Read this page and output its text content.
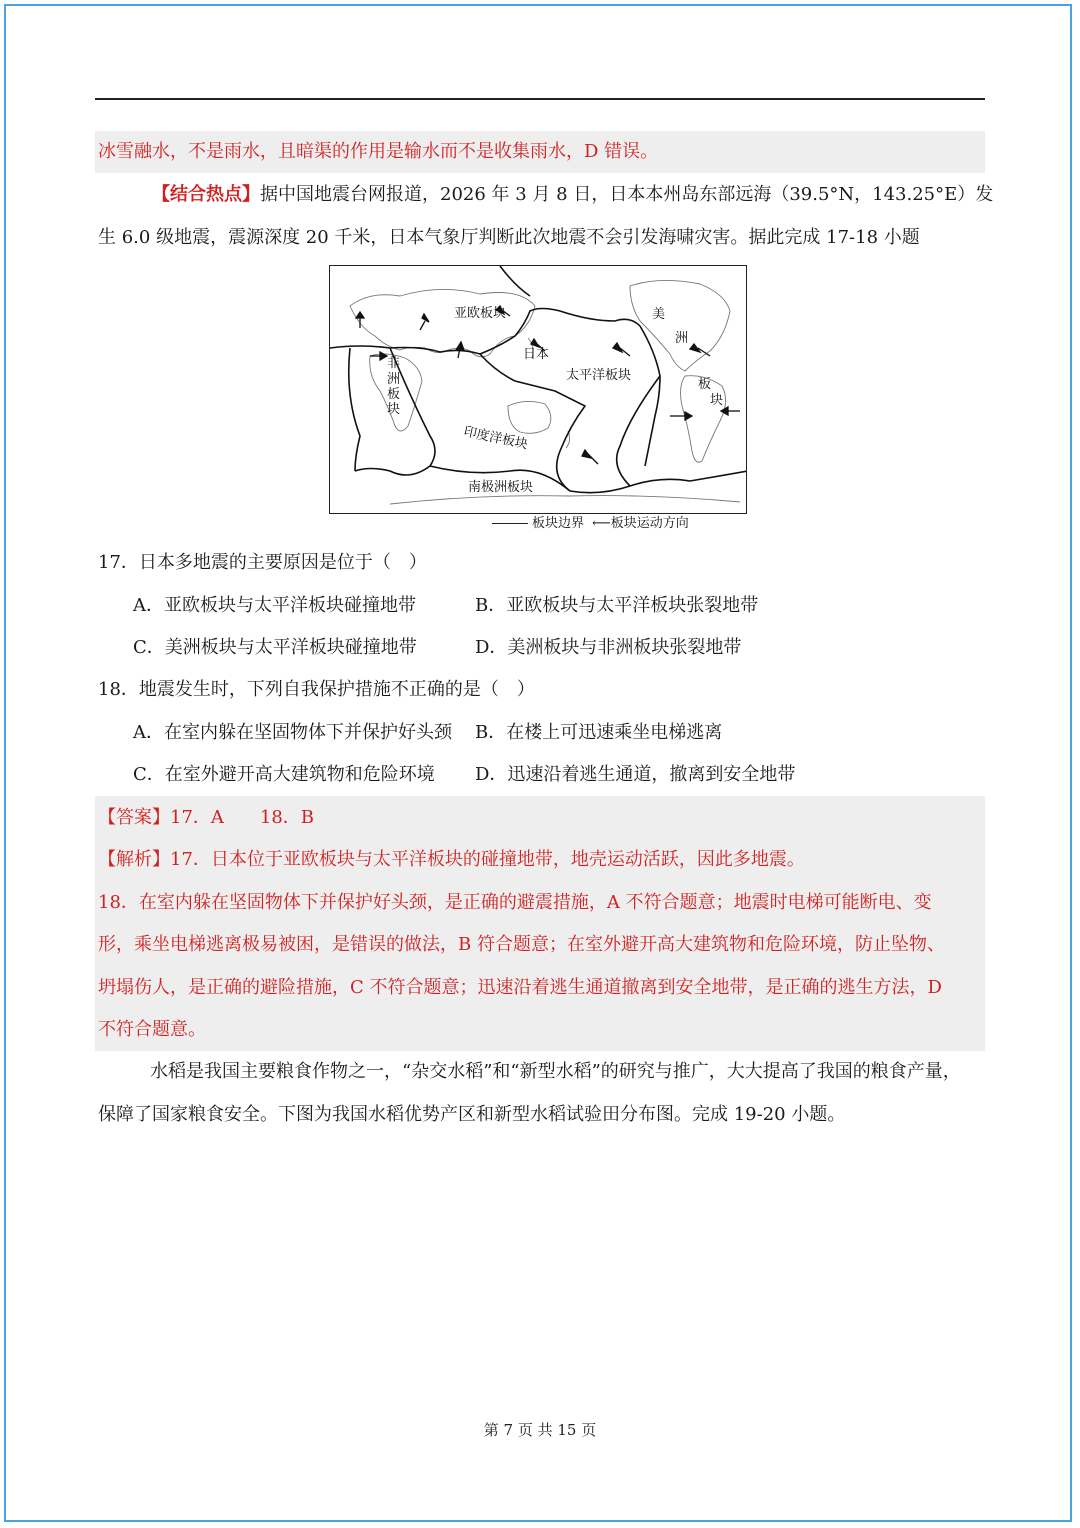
冰雪融水，不是雨水，且暗渠的作用是输水而不是收集雨水，D 错误。
【结合热点】据中国地震台网报道，2026 年 3 月 8 日，日本本州岛东部远海（39.5°N，143.25°E）发
生 6.0 级地震，震源深度 20 千米，日本气象厅判断此次地震不会引发海啸灾害。据此完成 17-18 小题
亚欧板块
日本
太平洋板块
印度洋板块
南极洲板块
非
洲
板
块
美
洲
板
块
板块边界 ⟵板块运动方向
17．日本多地震的主要原因是位于（　）
A．亚欧板块与太平洋板块碰撞地带	B．亚欧板块与太平洋板块张裂地带
C．美洲板块与太平洋板块碰撞地带	D．美洲板块与非洲板块张裂地带
18．地震发生时，下列自我保护措施不正确的是（　）
A．在室内躲在坚固物体下并保护好头颈 B．在楼上可迅速乘坐电梯逃离
C．在室外避开高大建筑物和危险环境 D．迅速沿着逃生通道，撤离到安全地带
【答案】17．A　　18．B
【解析】17．日本位于亚欧板块与太平洋板块的碰撞地带，地壳运动活跃，因此多地震。
18．在室内躲在坚固物体下并保护好头颈，是正确的避震措施，A 不符合题意；地震时电梯可能断电、变
形，乘坐电梯逃离极易被困，是错误的做法，B 符合题意；在室外避开高大建筑物和危险环境，防止坠物、
坍塌伤人，是正确的避险措施，C 不符合题意；迅速沿着逃生通道撤离到安全地带，是正确的逃生方法，D
不符合题意。
水稻是我国主要粮食作物之一，“杂交水稻”和“新型水稻”的研究与推广，大大提高了我国的粮食产量，
保障了国家粮食安全。下图为我国水稻优势产区和新型水稻试验田分布图。完成 19-20 小题。
第 7 页 共 15 页
